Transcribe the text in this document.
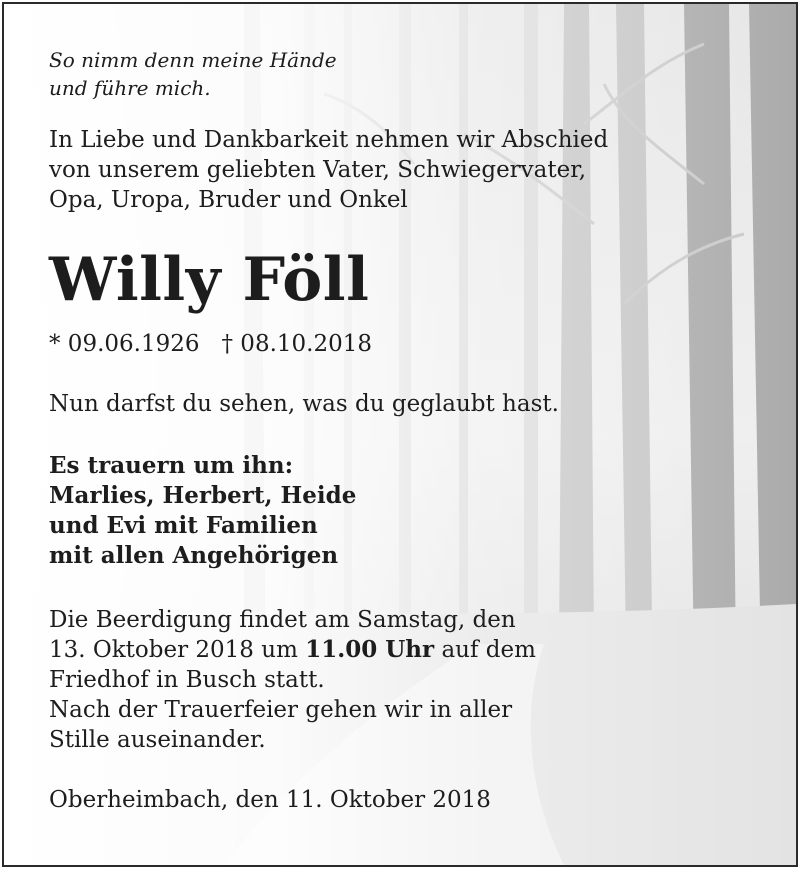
So nimm denn meine Hände
und führe mich.

In Liebe und Dankbarkeit nehmen wir Abschied
von unserem geliebten Vater, Schwiegervater,
Opa, Uropa, Bruder und Onkel

Willy Föll

* 09.06.1926 † 08.10.2018

Nun darfst du sehen, was du geglaubt hast.

Es trauern um ihn:
Marlies, Herbert, Heide
und Evi mit Familien
mit allen Angehörigen

Die Beerdigung findet am Samstag, den
13. Oktober 2018 um 11.00 Uhr auf dem
Friedhof in Busch statt.
Nach der Trauerfeier gehen wir in aller
Stille auseinander.

Oberheimbach, den 11. Oktober 2018
